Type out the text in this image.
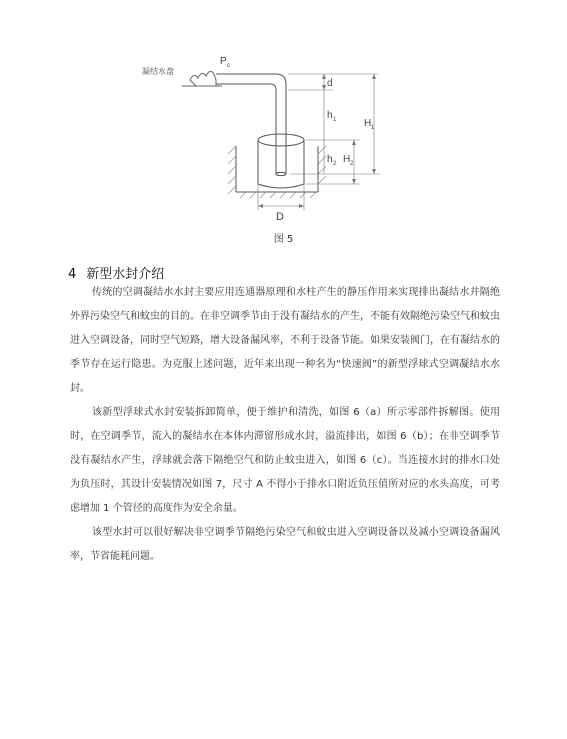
凝结水盘
P c
d
h 1	H 1
h 2 H 2
D
图 5
4 新型水封介绍

传统的空调凝结水水封主要应用连通器原理和水柱产生的静压作用来实现排出凝结水并隔绝外界污染空气和蚊虫的目的。在非空调季节由于没有凝结水的产生，不能有效隔绝污染空气和蚊虫进入空调设备，同时空气短路，增大设备漏风率，不利于设备节能。如果安装阀门，在有凝结水的季节存在运行隐患。为克服上述问题，近年来出现一种名为“快速阀”的新型浮球式空调凝结水水封。

该新型浮球式水封安装拆卸简单，便于维护和清洗，如图 6（a）所示零部件拆解图。使用时，在空调季节，流入的凝结水在本体内滞留形成水封，溢流排出，如图 6（b）；在非空调季节没有凝结水产生，浮球就会落下隔绝空气和防止蚊虫进入，如图 6（c）。当连接水封的排水口处为负压时，其设计安装情况如图 7，尺寸 A 不得小于排水口附近负压值所对应的水头高度，可考虑增加 1 个管径的高度作为安全余量。

该型水封可以很好解决非空调季节隔绝污染空气和蚊虫进入空调设备以及减小空调设备漏风率，节省能耗问题。
